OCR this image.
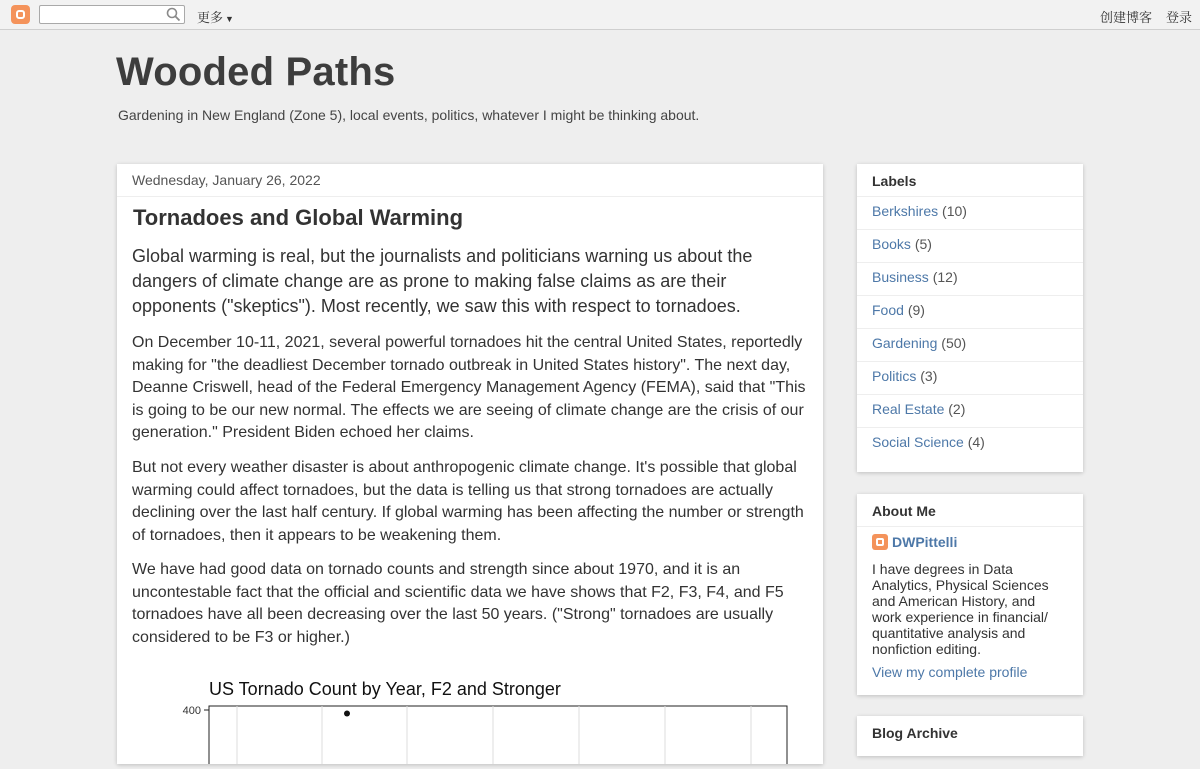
更多 ▼	创建博客 登录
Wooded Paths
Gardening in New England (Zone 5), local events, politics, whatever I might be thinking about.
Wednesday, January 26, 2022
Tornadoes and Global Warming

Global warming is real, but the journalists and politicians warning us about the dangers of climate change are as prone to making false claims as are their opponents ("skeptics"). Most recently, we saw this with respect to tornadoes.

On December 10-11, 2021, several powerful tornadoes hit the central United States, reportedly making for "the deadliest December tornado outbreak in United States history". The next day, Deanne Criswell, head of the Federal Emergency Management Agency (FEMA), said that "This is going to be our new normal. The effects we are seeing of climate change are the crisis of our generation." President Biden echoed her claims.

But not every weather disaster is about anthropogenic climate change. It's possible that global warming could affect tornadoes, but the data is telling us that strong tornadoes are actually declining over the last half century. If global warming has been affecting the number or strength of tornadoes, then it appears to be weakening them.

We have had good data on tornado counts and strength since about 1970, and it is an uncontestable fact that the official and scientific data we have shows that F2, F3, F4, and F5 tornadoes have all been decreasing over the last 50 years. ("Strong" tornadoes are usually considered to be F3 or higher.)

US Tornado Count by Year, F2 and Stronger
400
Labels
Berkshires (10)
Books (5)
Business (12)
Food (9)
Gardening (50)
Politics (3)
Real Estate (2)
Social Science (4)
About Me
DWPittelli

I have degrees in Data Analytics, Physical Sciences and American History, and work experience in financial/ quantitative analysis and nonfiction editing.

View my complete profile
Blog Archive
